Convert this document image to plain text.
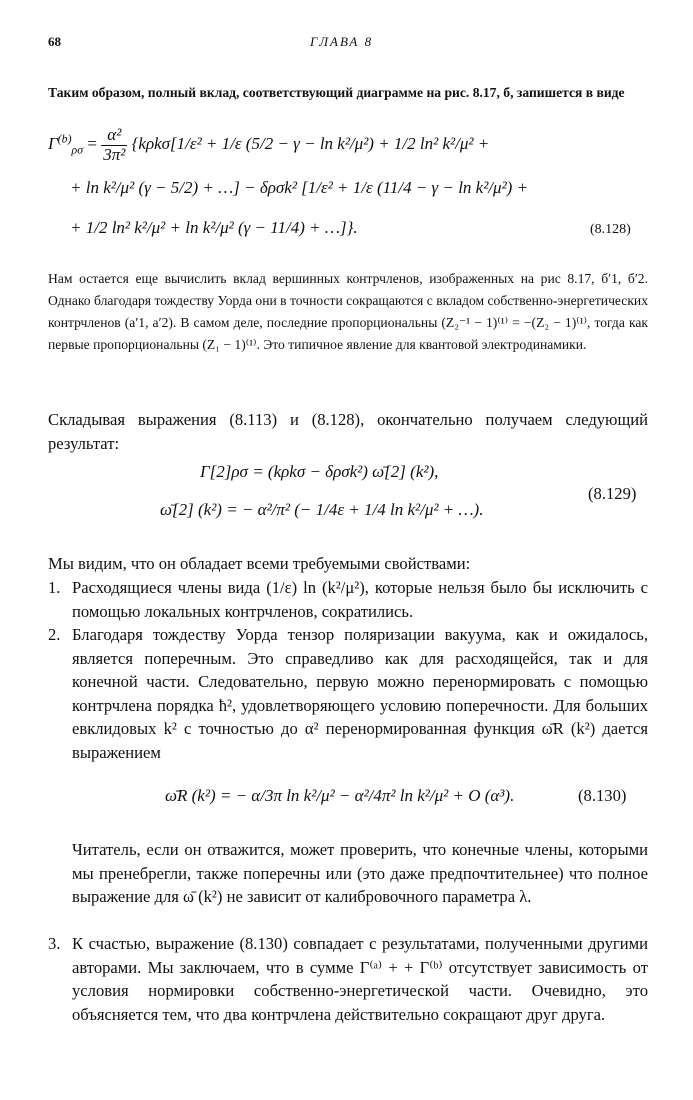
68	ГЛАВА 8
Таким образом, полный вклад, соответствующий диаграмме на рис. 8.17, б, запишется в виде
$\Gamma^{(b)}_{\rho\sigma} = \frac{\text{α²}}{\text{3π²}} \{k\rho k\sigma[1/\varepsilon^2 + 1/\varepsilon$ (5/2 − γ − ln k²/μ²) + 1/2 ln² k²/μ² +
+ ln k²/μ² (γ − 5/2) + …] − δρσk² [1/ε² + 1/ε (11/4 − γ − ln k²/μ²) +
+ 1/2 ln² k²/μ² + ln k²/μ² (γ − 11/4) + …]}.	(8.128)
Нам остается еще вычислить вклад вершинных контрчленов, изображенных на рис 8.17, б′1, б′2. Однако благодаря тождеству Уорда они в точности сокращаются с вкладом собственно-энергетических контрчленов (а′1, а′2). В самом деле, последние пропорциональны (Z₂⁻¹ − 1)⁽¹⁾ = −(Z₂ − 1)⁽¹⁾, тогда как первые пропорциональны (Z₁ − 1)⁽¹⁾. Это типичное явление для квантовой электродинамики.
Складывая выражения (8.113) и (8.128), окончательно получаем следующий результат:
Γ[2]ρσ = (kρkσ − δρσk²) ω̄[2] (k²),
ω̄[2] (k²) = − α²/π² (− 1/4ε + 1/4 ln k²/μ² + …).
(8.129)
Мы видим, что он обладает всеми требуемыми свойствами:
1. Расходящиеся члены вида (1/ε) ln (k²/μ²), которые нельзя было бы исключить с помощью локальных контрчленов, сократились.
2. Благодаря тождеству Уорда тензор поляризации вакуума, как и ожидалось, является поперечным. Это справедливо как для расходящейся, так и для конечной части. Следовательно, первую можно перенормировать с помощью контрчлена порядка ħ², удовлетворяющего условию поперечности. Для больших евклидовых k² с точностью до α² перенормированная функция ω̄R (k²) дается выражением
ω̄R (k²) = − α/3π ln k²/μ² − α²/4π² ln k²/μ² + O (α³).	(8.130)
Читатель, если он отважится, может проверить, что конечные члены, которыми мы пренебрегли, также поперечны или (это даже предпочтительнее) что полное выражение для ω̄ (k²) не зависит от калибровочного параметра λ.
3. К счастью, выражение (8.130) совпадает с результатами, полученными другими авторами. Мы заключаем, что в сумме Γ⁽ᵃ⁾ + + Γ⁽ᵇ⁾ отсутствует зависимость от условия нормировки собственно-энергетической части. Очевидно, это объясняется тем, что два контрчлена действительно сокращают друг друга.
